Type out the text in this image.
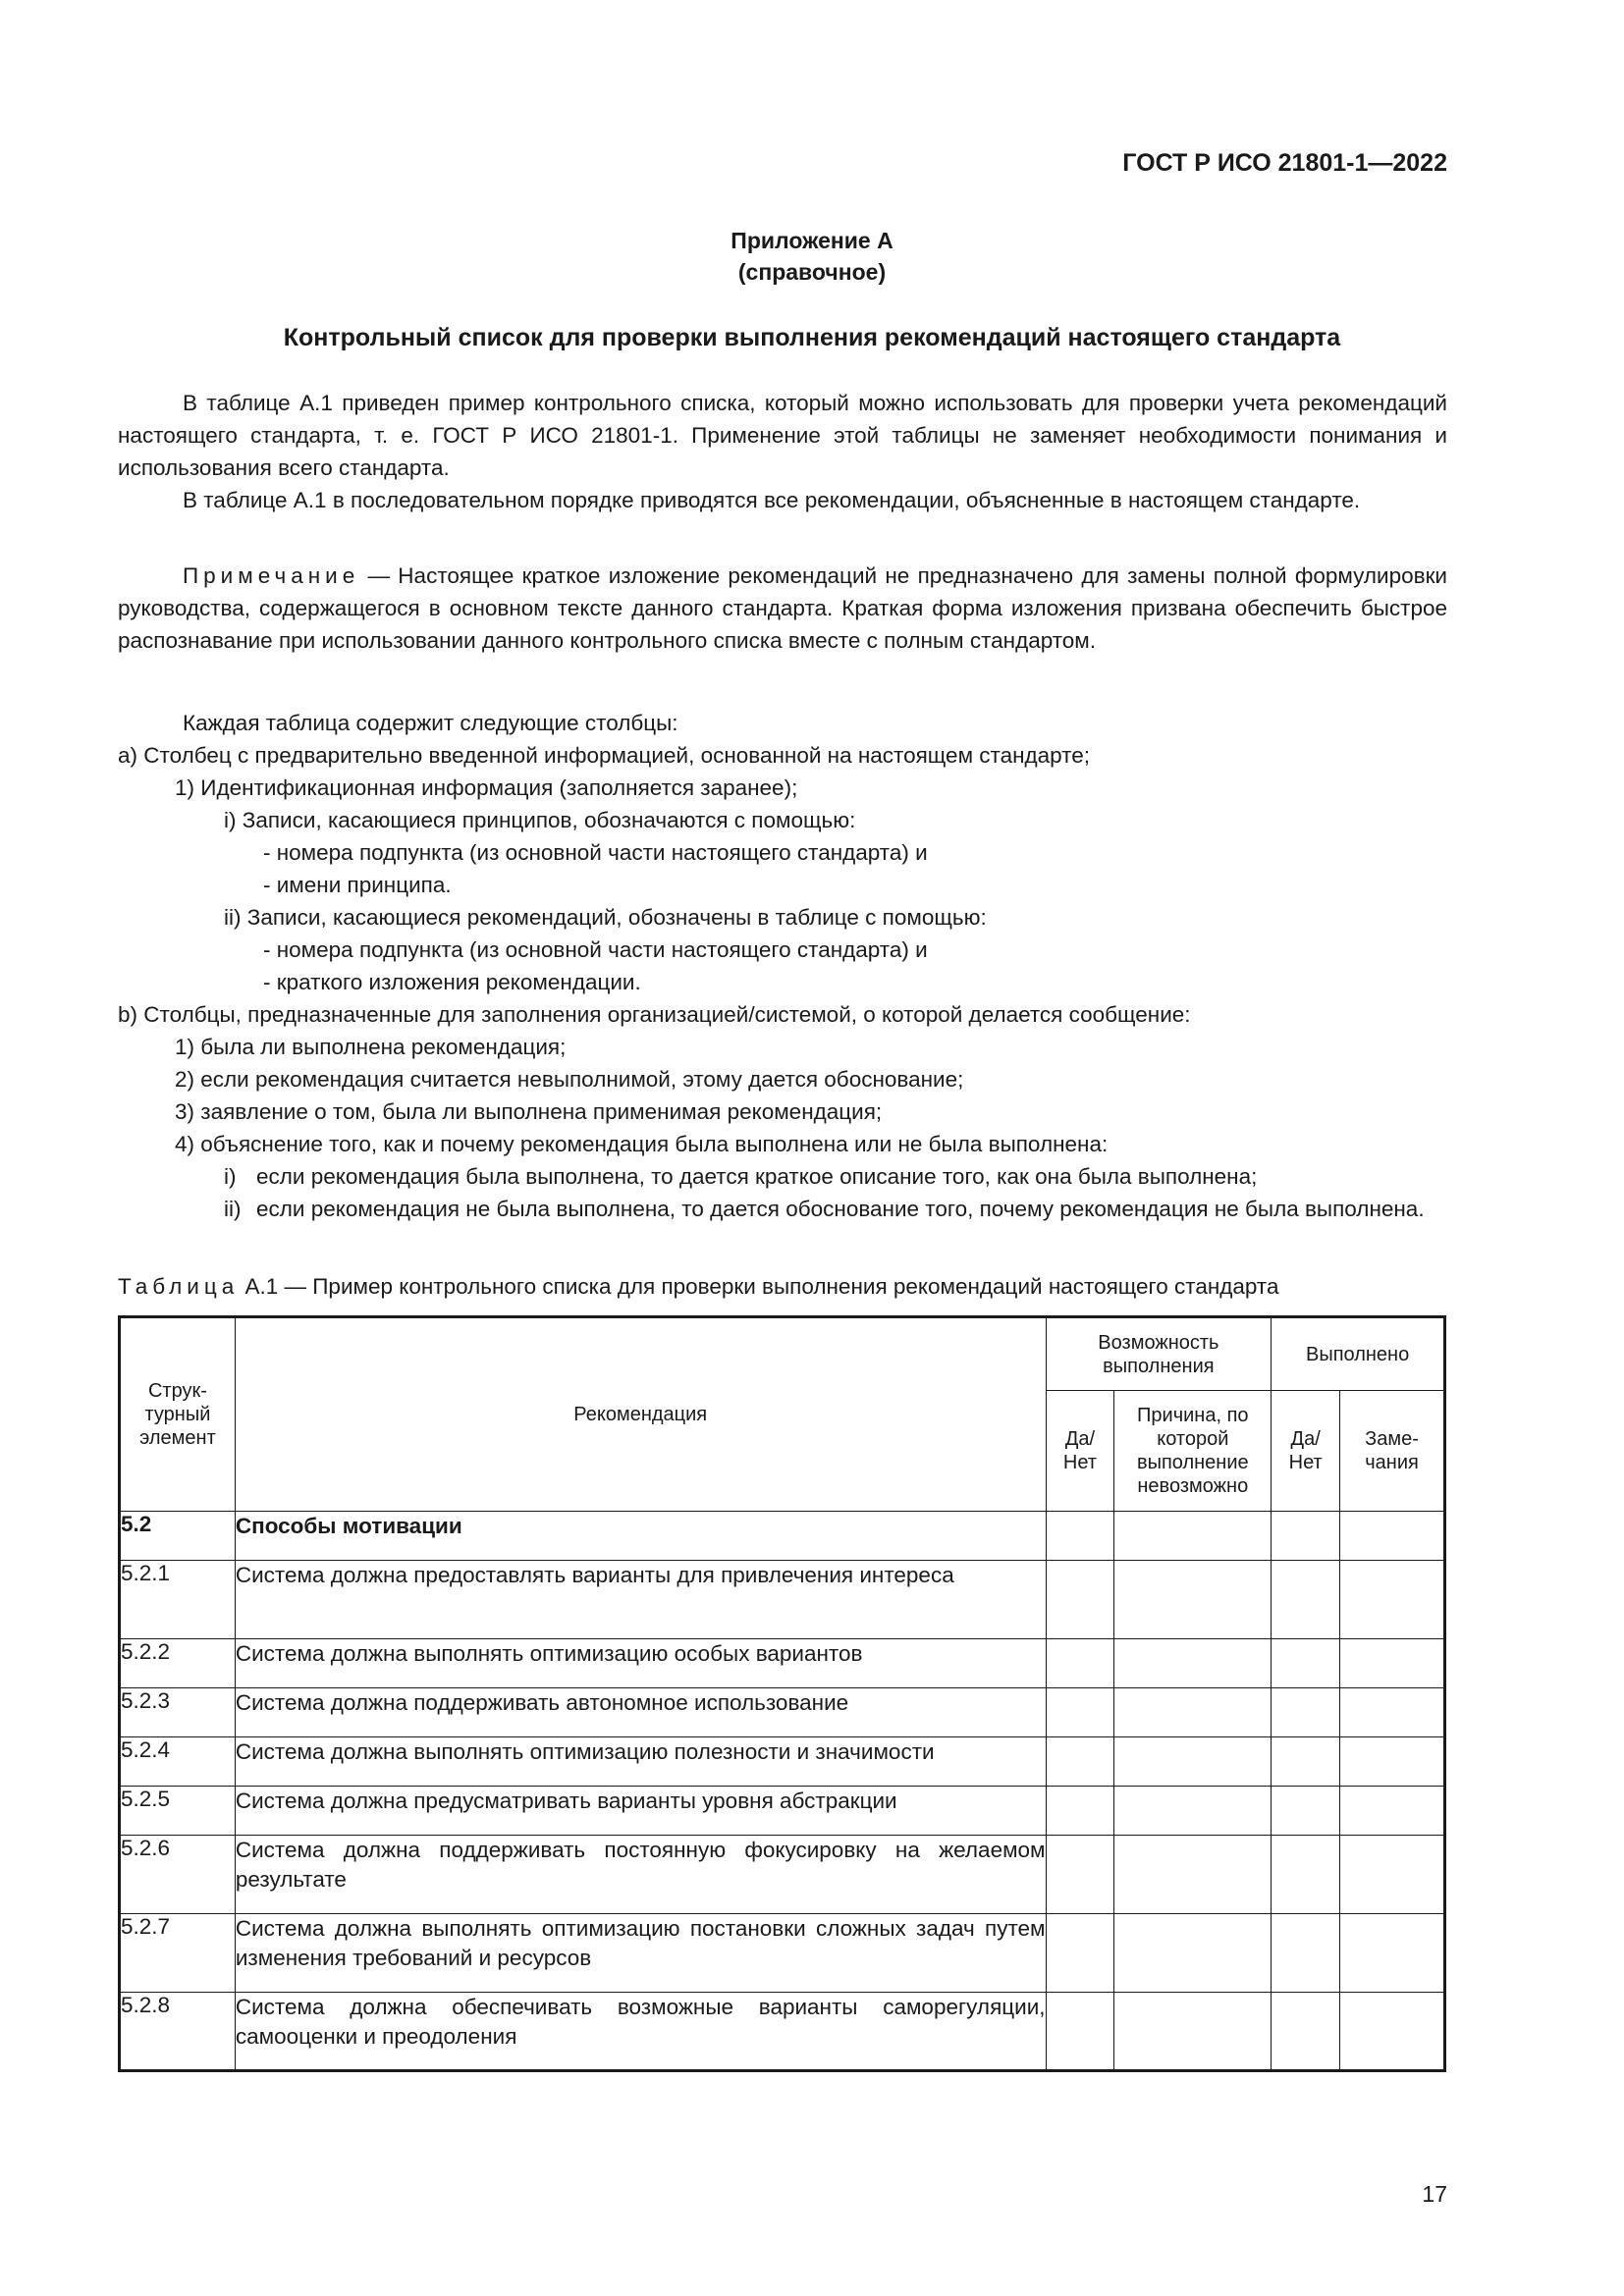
ГОСТ Р ИСО 21801-1—2022
Приложение А
(справочное)
Контрольный список для проверки выполнения рекомендаций настоящего стандарта

В таблице А.1 приведен пример контрольного списка, который можно использовать для проверки учета рекомендаций настоящего стандарта, т. е. ГОСТ Р ИСО 21801-1. Применение этой таблицы не заменяет необходимости понимания и использования всего стандарта.

В таблице А.1 в последовательном порядке приводятся все рекомендации, объясненные в настоящем стандарте.

Примечание — Настоящее краткое изложение рекомендаций не предназначено для замены полной формулировки руководства, содержащегося в основном тексте данного стандарта. Краткая форма изложения призвана обеспечить быстрое распознавание при использовании данного контрольного списка вместе с полным стандартом.

Каждая таблица содержит следующие столбцы:

a) Столбец с предварительно введенной информацией, основанной на настоящем стандарте;

1) Идентификационная информация (заполняется заранее);

i) Записи, касающиеся принципов, обозначаются с помощью:

- номера подпункта (из основной части настоящего стандарта) и

- имени принципа.

ii) Записи, касающиеся рекомендаций, обозначены в таблице с помощью:

- номера подпункта (из основной части настоящего стандарта) и

- краткого изложения рекомендации.

b) Столбцы, предназначенные для заполнения организацией/системой, о которой делается сообщение:

1) была ли выполнена рекомендация;

2) если рекомендация считается невыполнимой, этому дается обоснование;

3) заявление о том, была ли выполнена применимая рекомендация;

4) объяснение того, как и почему рекомендация была выполнена или не была выполнена:

i) если рекомендация была выполнена, то дается краткое описание того, как она была выполнена;
ii) если рекомендация не была выполнена, то дается обоснование того, почему рекомендация не была выполнена.
Таблица А.1 — Пример контрольного списка для проверки выполнения рекомендаций настоящего стандарта
Струк-турный элемент	Рекомендация	Возможность выполнения		Выполнено	
		Да/ Нет	Причина, по которой выполнение невозможно	Да/ Нет	Заме-чания
5.2	Способы мотивации				
5.2.1	Система должна предоставлять варианты для привлечения интереса				
5.2.2	Система должна выполнять оптимизацию особых вариантов				
5.2.3	Система должна поддерживать автономное использование				
5.2.4	Система должна выполнять оптимизацию полезности и значимости				
5.2.5	Система должна предусматривать варианты уровня абстракции				
5.2.6	Система должна поддерживать постоянную фокусировку на желаемом результате				
5.2.7	Система должна выполнять оптимизацию постановки сложных задач путем изменения требований и ресурсов				
5.2.8	Система должна обеспечивать возможные варианты саморегуляции, самооценки и преодоления				
17
